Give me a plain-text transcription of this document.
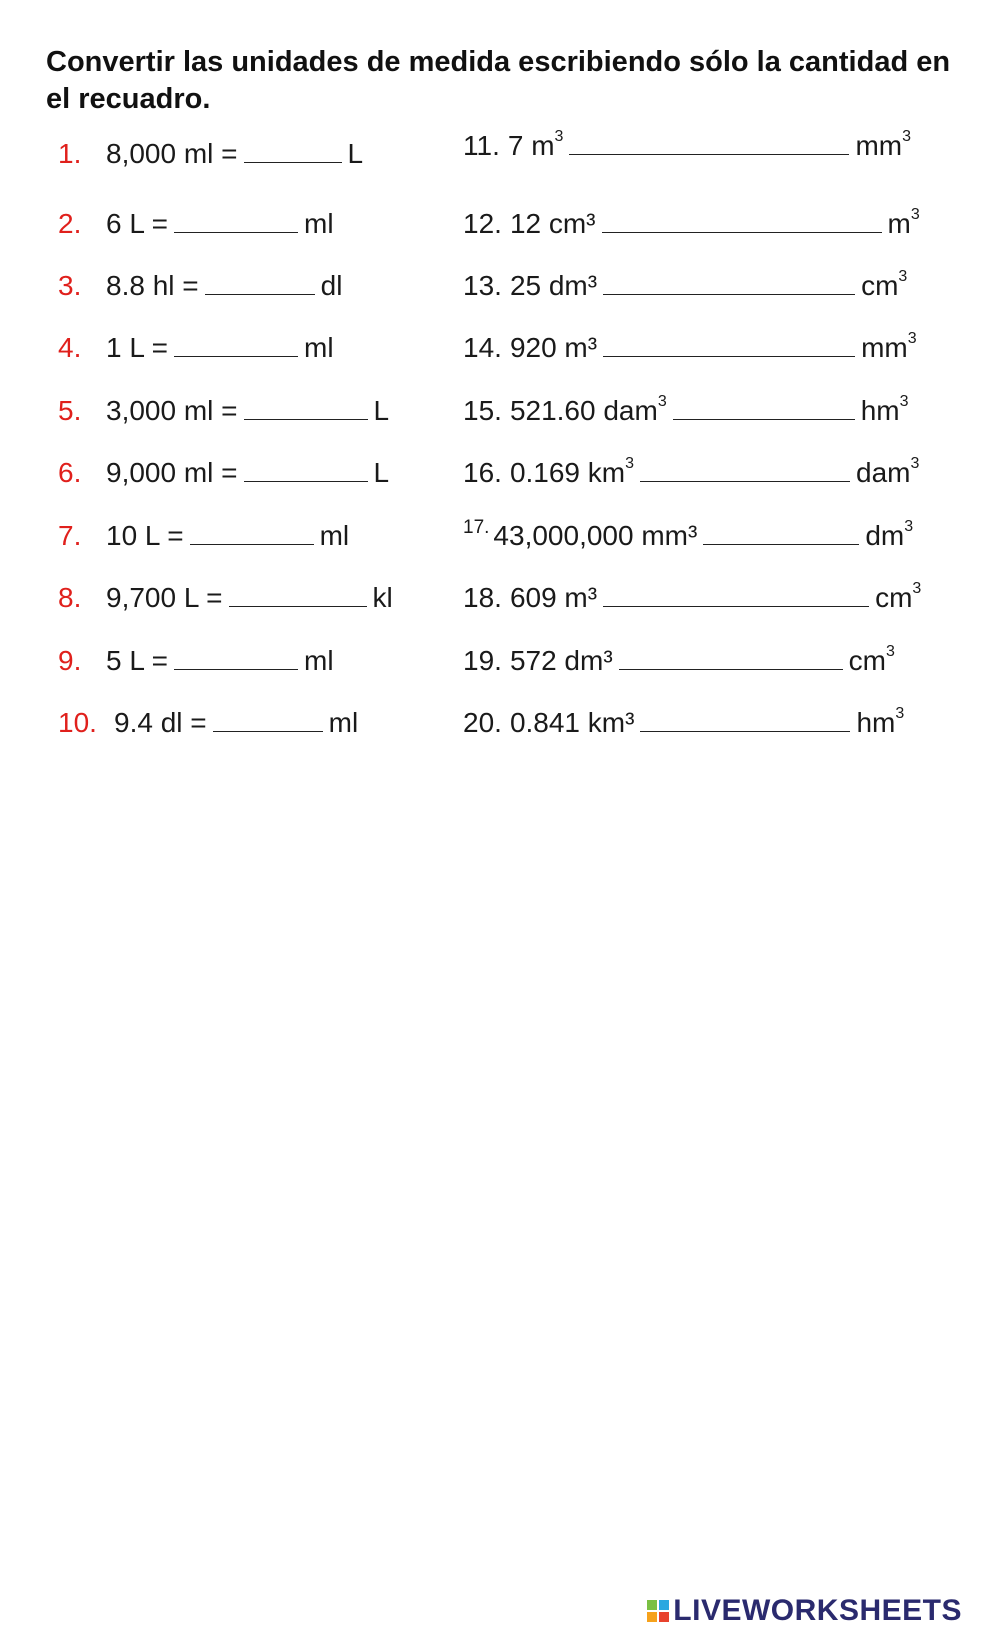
Convertir las unidades de medida escribiendo sólo la cantidad en el recuadro.
1. 8,000 ml =	L
2. 6 L =	ml
3. 8.8 hl =	dl
4. 1 L =	ml
5. 3,000 ml =	L
6. 9,000 ml =	L
7. 10 L =	ml
8. 9,700 L =	kl
9. 5 L =	ml
10. 9.4 dl =	ml
11. 7 $m^3$	$mm^3$
12. 12 cm³	$m^3$
13. 25 dm³	$cm^3$
14. 920 m³	$mm^3$
15. 521.60 dam$^3$	$hm^3$
16. 0.169 $km^3$	dam$^3$
$^{17.}$ 43,000,000 mm³	$dm^3$
18. 609 m³	$cm^3$
19. 572 dm³	$cm^3$
20. 0.841 km³	$hm^3$
LIVEWORKSHEETS
